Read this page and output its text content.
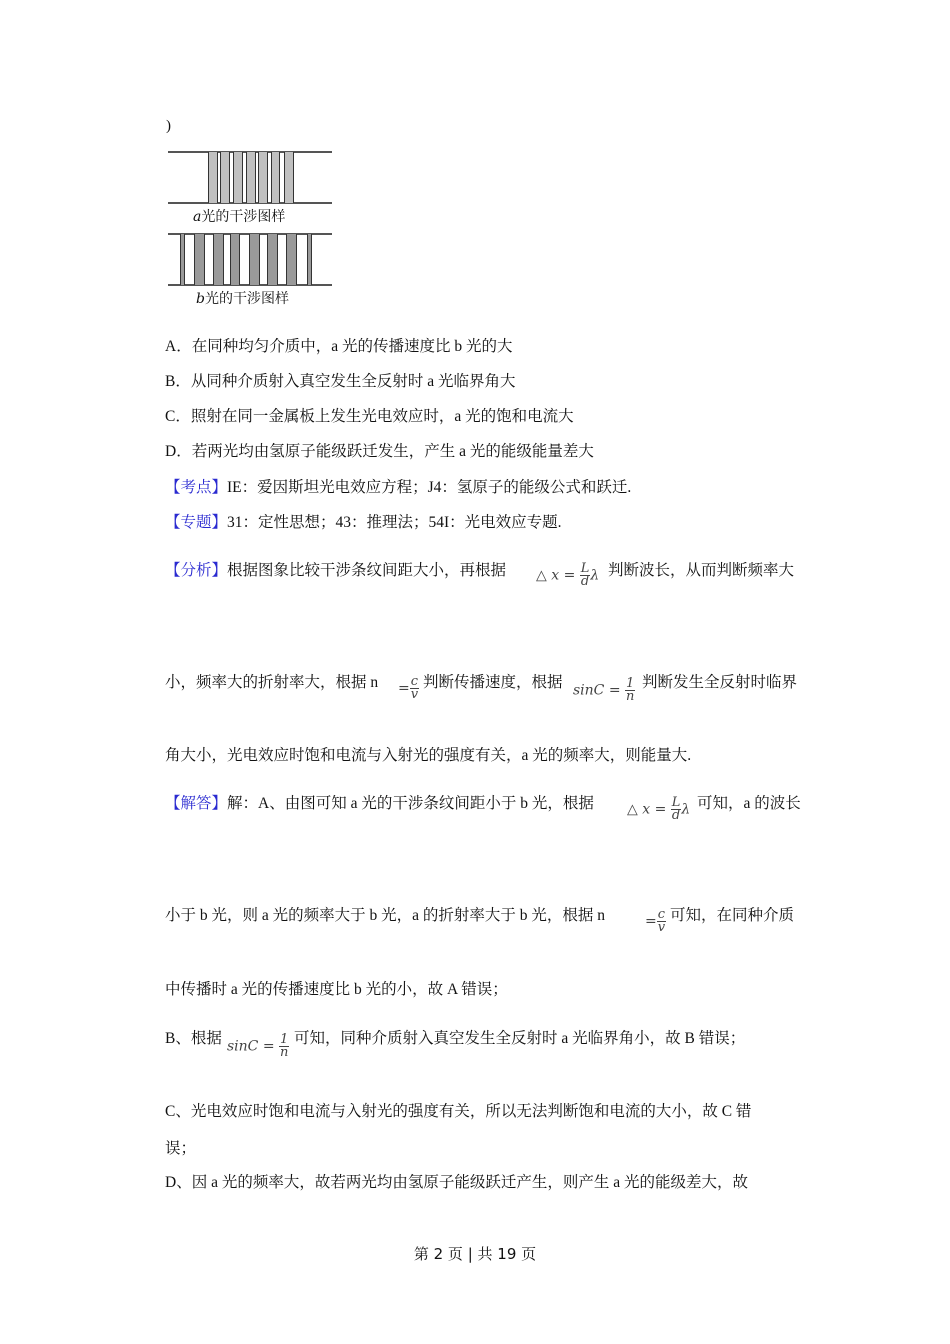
)
a光的干涉图样
b光的干涉图样
A．在同种均匀介质中，a 光的传播速度比 b 光的大
B．从同种介质射入真空发生全反射时 a 光临界角大
C．照射在同一金属板上发生光电效应时，a 光的饱和电流大
D．若两光均由氢原子能级跃迁发生，产生 a 光的能级能量差大
【考点】IE：爱因斯坦光电效应方程；J4：氢原子的能级公式和跃迁.
【专题】31：定性思想；43：推理法；54I：光电效应专题.
【分析】根据图象比较干涉条纹间距大小，再根据 △ $x = \frac{L}{d}$ λ 判断波长，从而判断频率大
小，频率大的折射率大，根据 $n = \frac{c}{v}$ 判断传播速度，根据 $\sin C = \frac{1}{n}$ 判断发生全反射时临界
角大小，光电效应时饱和电流与入射光的强度有关，a 光的频率大，则能量大.
【解答】解：A、由图可知 a 光的干涉条纹间距小于 b 光，根据 △ $x = \frac{L}{d}$ λ 可知，a 的波长
小于 b 光，则 a 光的频率大于 b 光，a 的折射率大于 b 光，根据 n	= $\frac{c}{v}$ 可知，在同种介质
中传播时 a 光的传播速度比 b 光的小，故 A 错误；
B、根据 $\sin C = \frac{1}{n}$ 可知，同种介质射入真空发生全反射时 a 光临界角小，故 B 错误；
C、光电效应时饱和电流与入射光的强度有关，所以无法判断饱和电流的大小，故 C 错
误；
D、因 a 光的频率大，故若两光均由氢原子能级跃迁产生，则产生 a 光的能级差大，故
第 2 页 | 共 19 页
